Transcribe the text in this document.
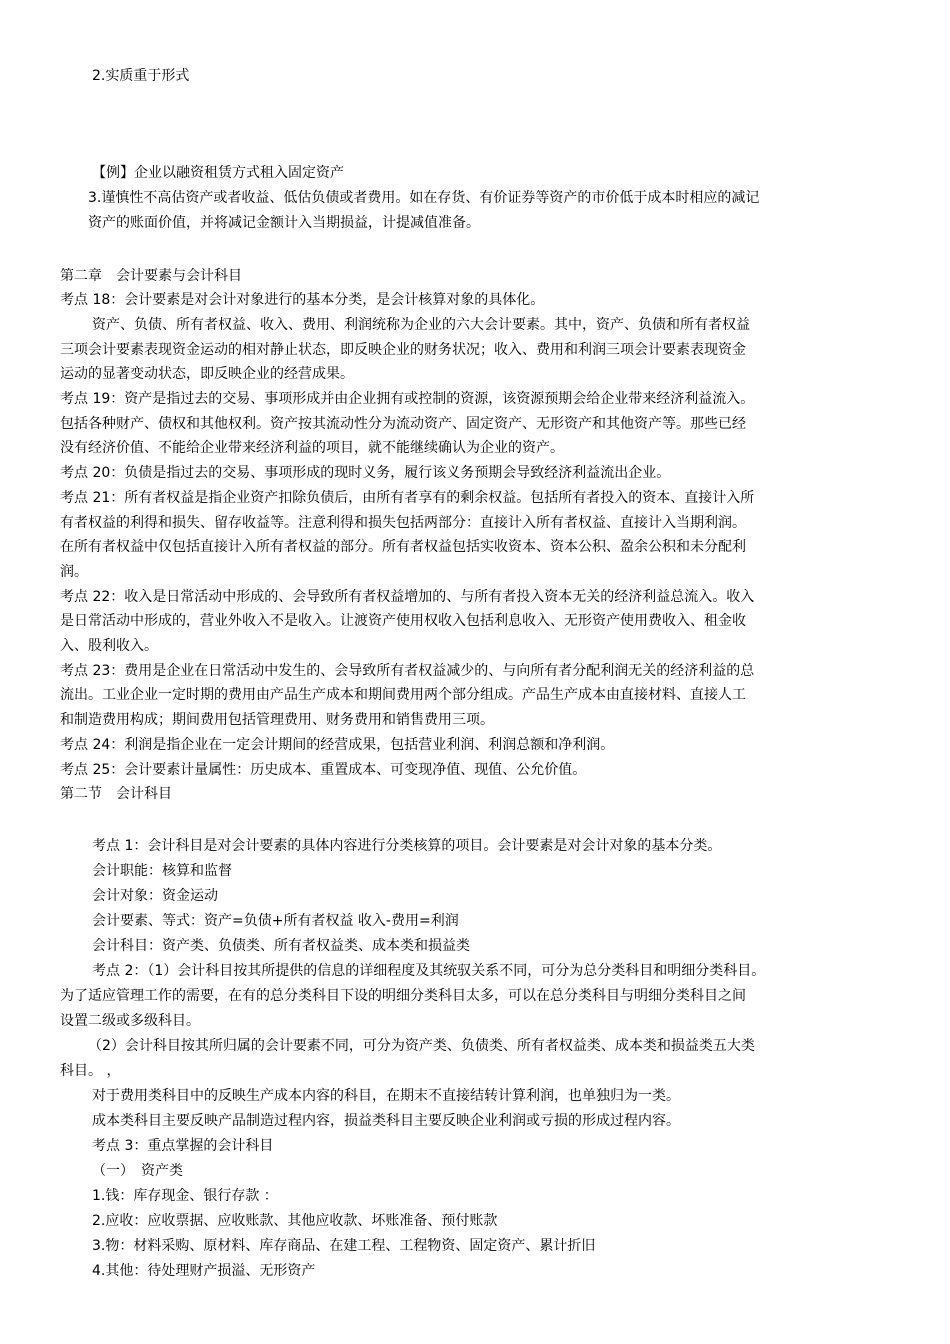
2.实质重于形式
【例】企业以融资租赁方式租入固定资产
3.谨慎性不高估资产或者收益、低估负债或者费用。如在存货、有价证券等资产的市价低于成本时相应的减记
资产的账面价值，并将减记金额计入当期损益，计提减值准备。
第二章　会计要素与会计科目
考点 18：会计要素是对会计对象进行的基本分类，是会计核算对象的具体化。
资产、负债、所有者权益、收入、费用、利润统称为企业的六大会计要素。其中，资产、负债和所有者权益
三项会计要素表现资金运动的相对静止状态，即反映企业的财务状况；收入、费用和利润三项会计要素表现资金
运动的显著变动状态，即反映企业的经营成果。
考点 19：资产是指过去的交易、事项形成并由企业拥有或控制的资源，该资源预期会给企业带来经济利益流入。
包括各种财产、债权和其他权利。资产按其流动性分为流动资产、固定资产、无形资产和其他资产等。那些已经
没有经济价值、不能给企业带来经济利益的项目，就不能继续确认为企业的资产。
考点 20：负债是指过去的交易、事项形成的现时义务，履行该义务预期会导致经济利益流出企业。
考点 21：所有者权益是指企业资产扣除负债后，由所有者享有的剩余权益。包括所有者投入的资本、直接计入所
有者权益的利得和损失、留存收益等。注意利得和损失包括两部分：直接计入所有者权益、直接计入当期利润。
在所有者权益中仅包括直接计入所有者权益的部分。所有者权益包括实收资本、资本公积、盈余公积和未分配利
润。
考点 22：收入是日常活动中形成的、会导致所有者权益增加的、与所有者投入资本无关的经济利益总流入。收入
是日常活动中形成的，营业外收入不是收入。让渡资产使用权收入包括利息收入、无形资产使用费收入、租金收
入、股利收入。
考点 23：费用是企业在日常活动中发生的、会导致所有者权益减少的、与向所有者分配利润无关的经济利益的总
流出。工业企业一定时期的费用由产品生产成本和期间费用两个部分组成。产品生产成本由直接材料、直接人工
和制造费用构成；期间费用包括管理费用、财务费用和销售费用三项。
考点 24：利润是指企业在一定会计期间的经营成果，包括营业利润、利润总额和净利润。
考点 25：会计要素计量属性：历史成本、重置成本、可变现净值、现值、公允价值。
第二节　会计科目
考点 1：会计科目是对会计要素的具体内容进行分类核算的项目。会计要素是对会计对象的基本分类。
会计职能：核算和监督
会计对象：资金运动
会计要素、等式：资产=负债+所有者权益 收入-费用=利润
会计科目：资产类、负债类、所有者权益类、成本类和损益类
考点 2：（1）会计科目按其所提供的信息的详细程度及其统驭关系不同，可分为总分类科目和明细分类科目。
为了适应管理工作的需要，在有的总分类科目下设的明细分类科目太多，可以在总分类科目与明细分类科目之间
设置二级或多级科目。
（2）会计科目按其所归属的会计要素不同，可分为资产类、负债类、所有者权益类、成本类和损益类五大类
科目。 ，
对于费用类科目中的反映生产成本内容的科目，在期末不直接结转计算利润，也单独归为一类。
成本类科目主要反映产品制造过程内容，损益类科目主要反映企业利润或亏损的形成过程内容。
考点 3：重点掌握的会计科目
（一）　资产类
1.钱：库存现金、银行存款 ：
2.应收：应收票据、应收账款、其他应收款、坏账准备、预付账款
3.物：材料采购、原材料、库存商品、在建工程、工程物资、固定资产、累计折旧
4.其他：待处理财产损溢、无形资产
